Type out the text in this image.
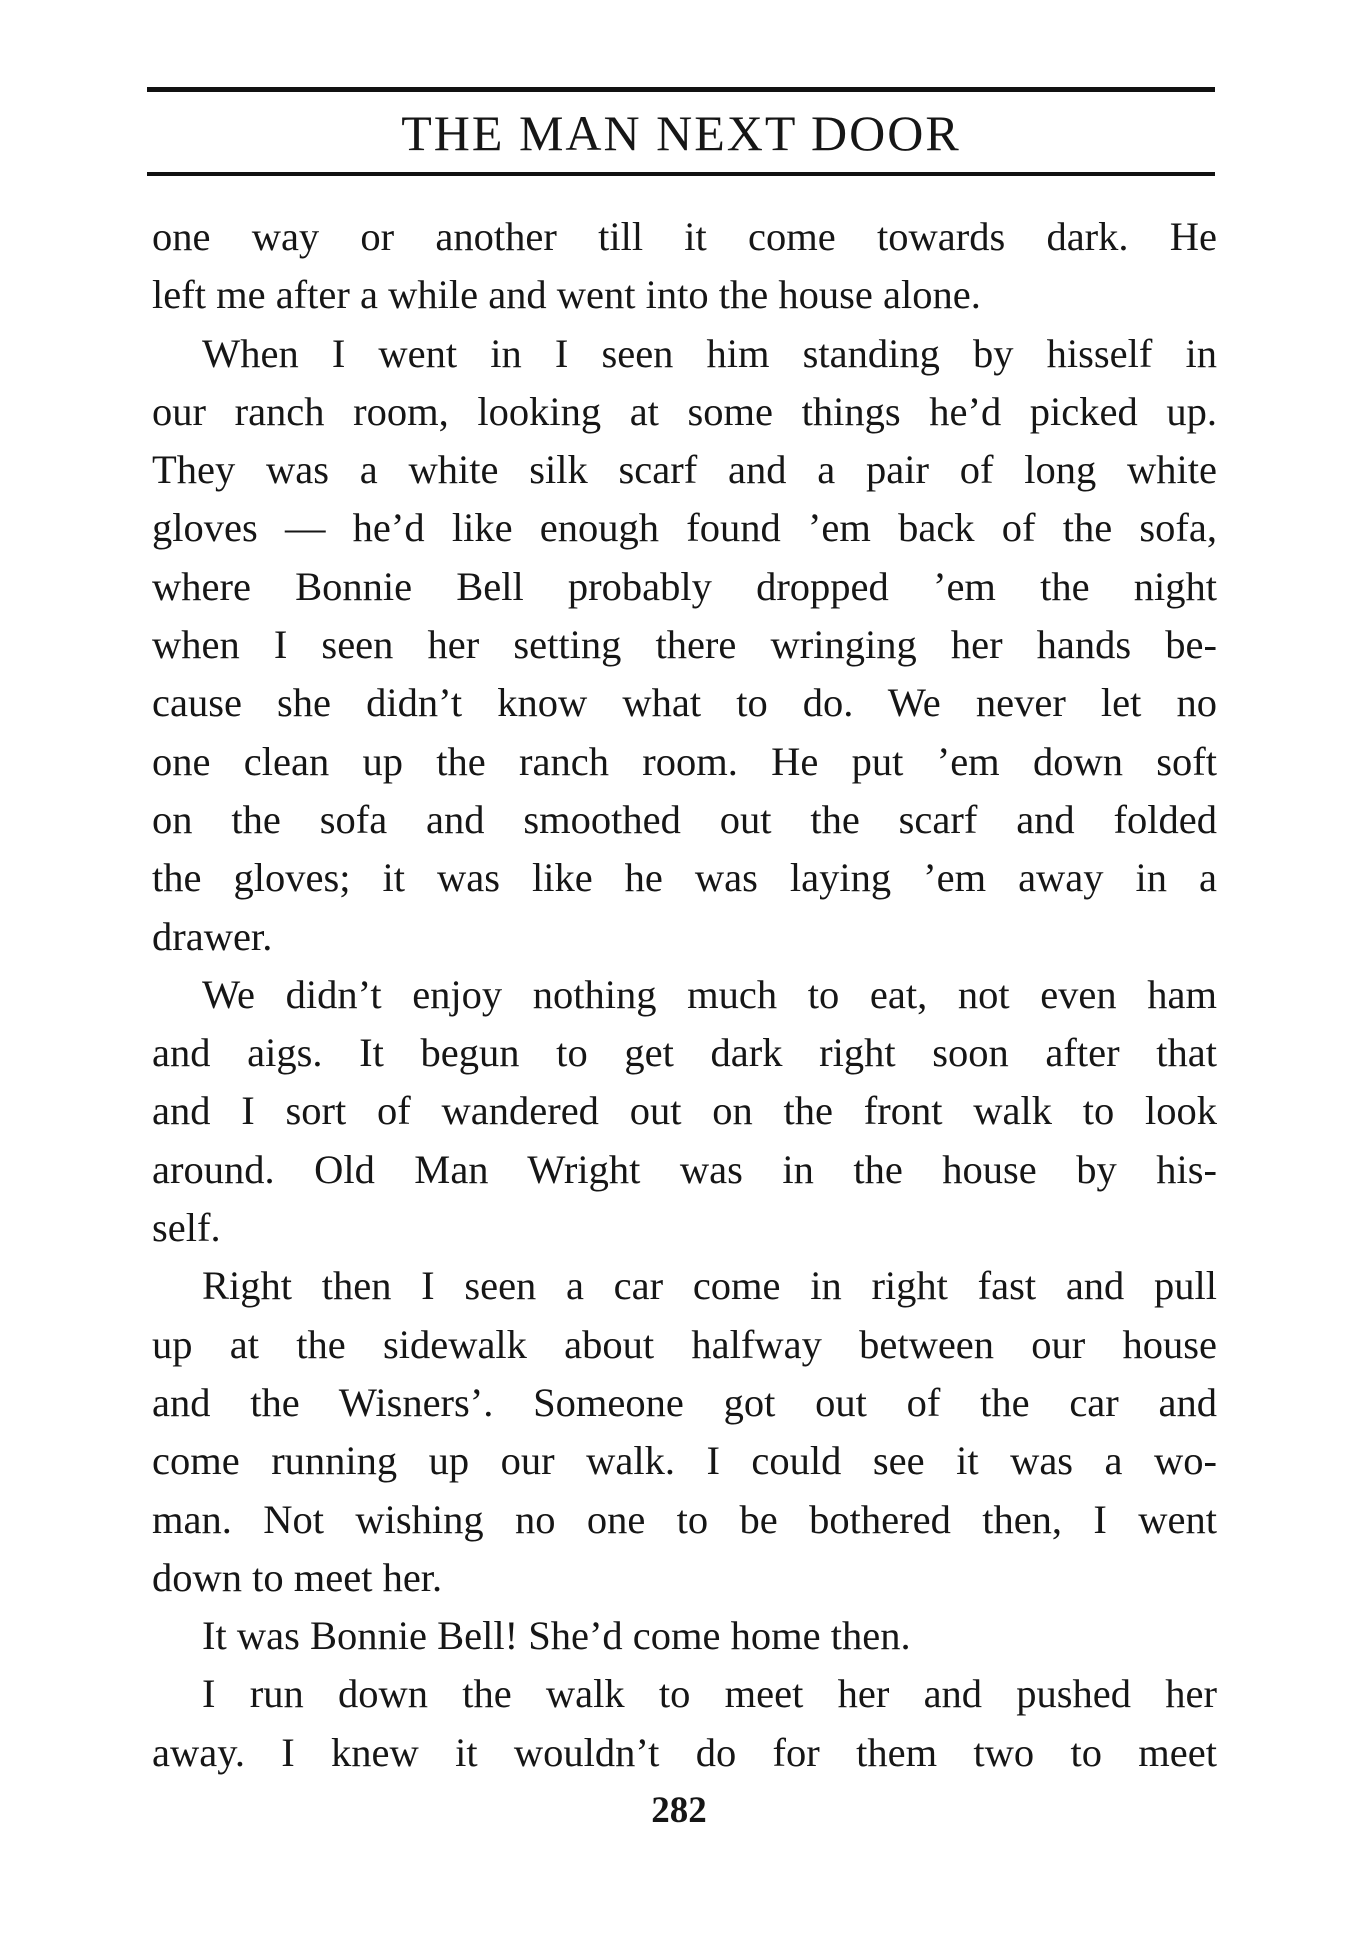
THE MAN NEXT DOOR

one way or another till it come towards dark. He

left me after a while and went into the house alone.

When I went in I seen him standing by hisself in

our ranch room, looking at some things he’d picked up.

They was a white silk scarf and a pair of long white

gloves — he’d like enough found ’em back of the sofa,

where Bonnie Bell probably dropped ’em the night

when I seen her setting there wringing her hands be-

cause she didn’t know what to do. We never let no

one clean up the ranch room. He put ’em down soft

on the sofa and smoothed out the scarf and folded

the gloves; it was like he was laying ’em away in a

drawer.

We didn’t enjoy nothing much to eat, not even ham

and aigs. It begun to get dark right soon after that

and I sort of wandered out on the front walk to look

around. Old Man Wright was in the house by his-

self.

Right then I seen a car come in right fast and pull

up at the sidewalk about halfway between our house

and the Wisners’. Someone got out of the car and

come running up our walk. I could see it was a wo-

man. Not wishing no one to be bothered then, I went

down to meet her.

It was Bonnie Bell! She’d come home then.

I run down the walk to meet her and pushed her

away. I knew it wouldn’t do for them two to meet

282
